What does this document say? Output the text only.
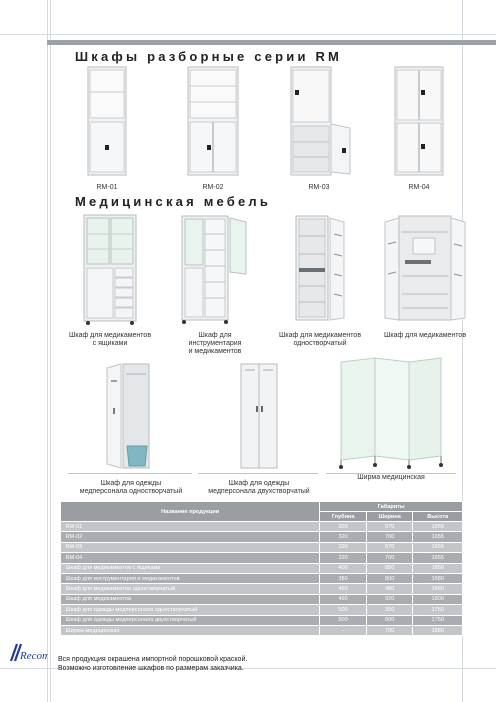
Шкафы разборные серии RM
RM-01	RM-02	RM-03	RM-04
Медицинская мебель
Шкаф для медикаментов
с ящиками
Шкаф для
инструментария
и медикаментов
Шкаф для медикаментов
одностворчатый
Шкаф для медикаментов
Шкаф для одежды
медперсонала одностворчатый
Шкаф для одежды
медперсонала двухстворчатый
Ширма медицинская
Название продукции	Габариты		
	Глубина	Ширина	Высота
RM-01	320	570	1655
RM-02	320	700	1655
RM-03	320	570	1655
RM-04	320	700	1655
Шкаф для медикаментов с ящиками	400	850	1850
Шкаф для инструментария и медикаментов	380	800	1680
Шкаф для медикаментов одностворчатый	460	480	1860
Шкаф для медикаментов	460	920	1800
Шкаф для одежды медперсонала одностворчатый	500	300	1750
Шкаф для одежды медперсонала двухстворчатый	500	600	1750
Ширма медицинская	–	700	1880
Recom Вся продукция окрашена импортной порошковой краской.
Возможно изготовление шкафов по размерам заказчика.
